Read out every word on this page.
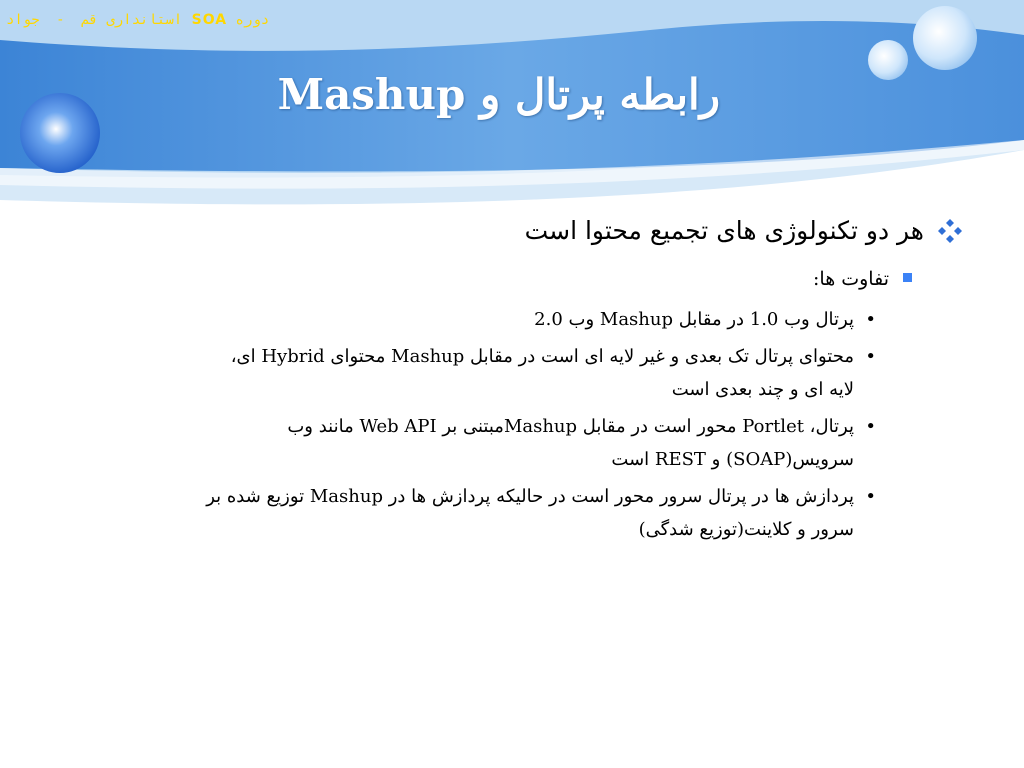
دوره SOA استانداری قم - جواد
رابطه پرتال و Mashup
هر دو تکنولوژی های تجمیع محتوا است
تفاوت ها:
•
پرتال وب 1.0 در مقابل Mashup وب 2.0
•
محتوای پرتال تک بعدی و غیر لایه ای است در مقابل Mashup محتوای Hybrid ای،
لایه ای و چند بعدی است
•
پرتال، Portlet محور است در مقابل Mashupمبتنی بر Web API مانند وب
سرویس(SOAP) و REST است
•
پردازش ها در پرتال سرور محور است در حالیکه پردازش ها در Mashup توزیع شده بر
سرور و کلاینت(توزیع شدگی)
